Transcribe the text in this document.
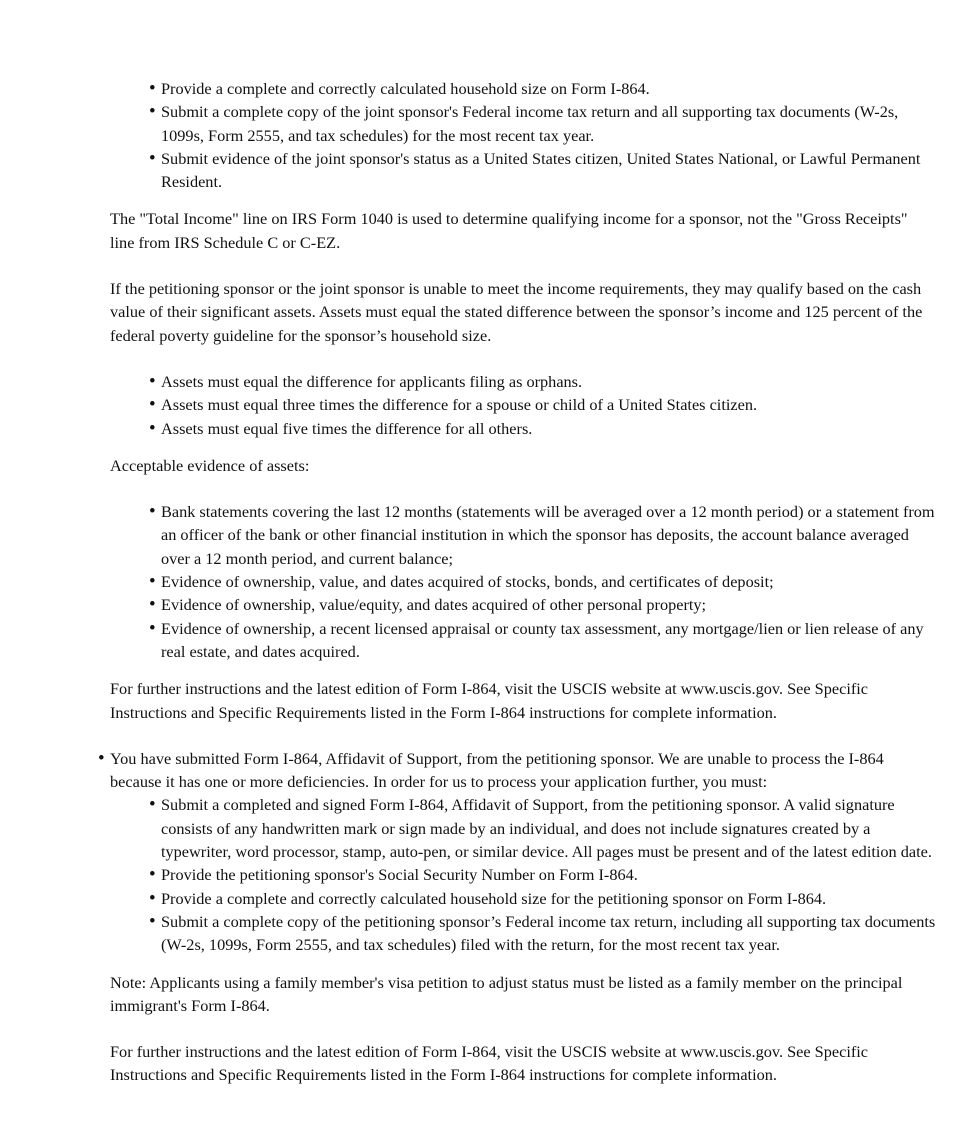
• Provide a complete and correctly calculated household size on Form I-864.
• Submit a complete copy of the joint sponsor's Federal income tax return and all supporting tax documents (W-2s, 1099s, Form 2555, and tax schedules) for the most recent tax year.
• Submit evidence of the joint sponsor's status as a United States citizen, United States National, or Lawful Permanent Resident.
The "Total Income" line on IRS Form 1040 is used to determine qualifying income for a sponsor, not the "Gross Receipts" line from IRS Schedule C or C-EZ.
If the petitioning sponsor or the joint sponsor is unable to meet the income requirements, they may qualify based on the cash value of their significant assets. Assets must equal the stated difference between the sponsor’s income and 125 percent of the federal poverty guideline for the sponsor’s household size.
• Assets must equal the difference for applicants filing as orphans.
• Assets must equal three times the difference for a spouse or child of a United States citizen.
• Assets must equal five times the difference for all others.
Acceptable evidence of assets:
• Bank statements covering the last 12 months (statements will be averaged over a 12 month period) or a statement from an officer of the bank or other financial institution in which the sponsor has deposits, the account balance averaged over a 12 month period, and current balance;
• Evidence of ownership, value, and dates acquired of stocks, bonds, and certificates of deposit;
• Evidence of ownership, value/equity, and dates acquired of other personal property;
• Evidence of ownership, a recent licensed appraisal or county tax assessment, any mortgage/lien or lien release of any real estate, and dates acquired.
For further instructions and the latest edition of Form I-864, visit the USCIS website at www.uscis.gov. See Specific Instructions and Specific Requirements listed in the Form I-864 instructions for complete information.
• You have submitted Form I-864, Affidavit of Support, from the petitioning sponsor. We are unable to process the I-864 because it has one or more deficiencies. In order for us to process your application further, you must:
• Submit a completed and signed Form I-864, Affidavit of Support, from the petitioning sponsor. A valid signature consists of any handwritten mark or sign made by an individual, and does not include signatures created by a typewriter, word processor, stamp, auto-pen, or similar device. All pages must be present and of the latest edition date.
• Provide the petitioning sponsor's Social Security Number on Form I-864.
• Provide a complete and correctly calculated household size for the petitioning sponsor on Form I-864.
• Submit a complete copy of the petitioning sponsor’s Federal income tax return, including all supporting tax documents (W-2s, 1099s, Form 2555, and tax schedules) filed with the return, for the most recent tax year.
Note: Applicants using a family member's visa petition to adjust status must be listed as a family member on the principal immigrant's Form I-864.
For further instructions and the latest edition of Form I-864, visit the USCIS website at www.uscis.gov. See Specific Instructions and Specific Requirements listed in the Form I-864 instructions for complete information.
